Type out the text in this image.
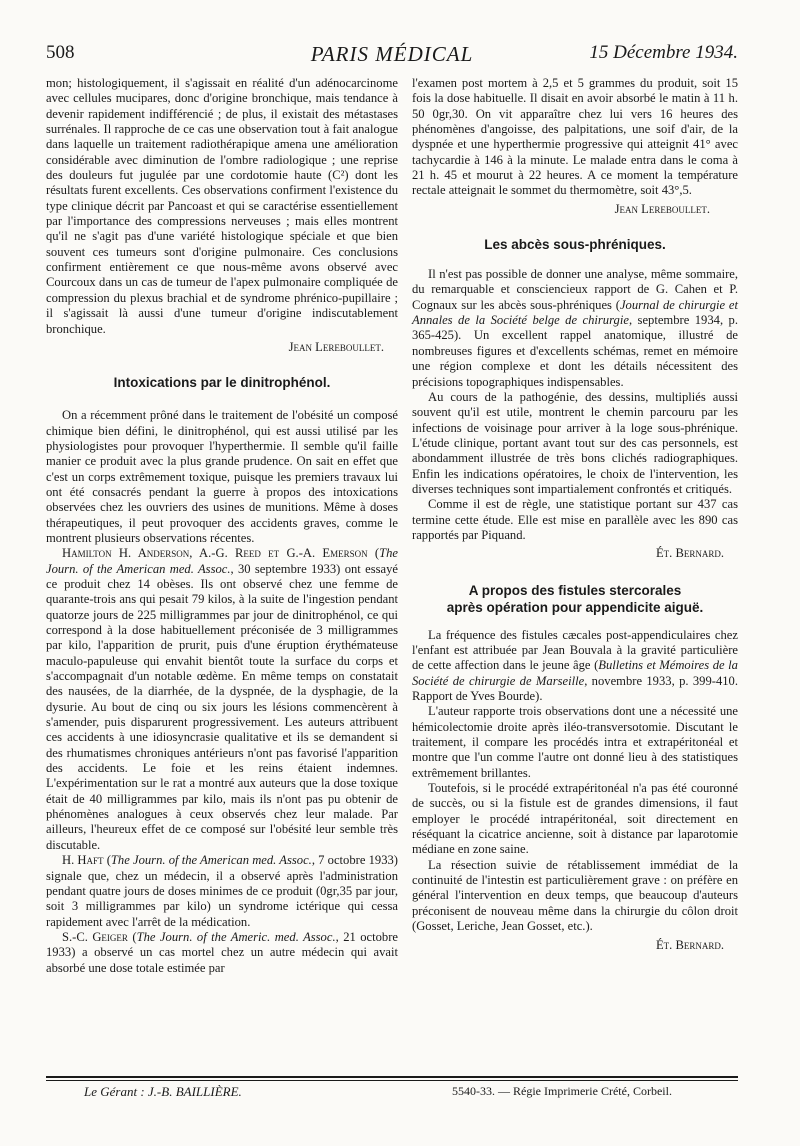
508	PARIS MÉDICAL	15 Décembre 1934.

mon; histologiquement, il s'agissait en réalité d'un adénocarcinome avec cellules mucipares, donc d'origine bronchique, mais tendance à devenir rapidement indifférencié ; de plus, il existait des métastases surrénales. Il rapproche de ce cas une observation tout à fait analogue dans laquelle un traitement radiothérapique amena une amélioration considérable avec diminution de l'ombre radiologique ; une reprise des douleurs fut jugulée par une cordotomie haute (C²) dont les résultats furent excellents. Ces observations confirment l'existence du type clinique décrit par Pancoast et qui se caractérise essentiellement par l'importance des compressions nerveuses ; mais elles montrent qu'il ne s'agit pas d'une variété histologique spéciale et que bien souvent ces tumeurs sont d'origine pulmonaire. Ces conclusions confirment entièrement ce que nous-même avons observé avec Courcoux dans un cas de tumeur de l'apex pulmonaire compliquée de compression du plexus brachial et de syndrome phrénico-pupillaire ; il s'agissait là aussi d'une tumeur d'origine indiscutablement bronchique.

Jean Lereboullet.
Intoxications par le dinitrophénol.

On a récemment prôné dans le traitement de l'obésité un composé chimique bien défini, le dinitrophénol, qui est aussi utilisé par les physiologistes pour provoquer l'hyperthermie. Il semble qu'il faille manier ce produit avec la plus grande prudence. On sait en effet que c'est un corps extrêmement toxique, puisque les premiers travaux lui ont été consacrés pendant la guerre à propos des intoxications observées chez les ouvriers des usines de munitions. Même à doses thérapeutiques, il peut provoquer des accidents graves, comme le montrent plusieurs observations récentes.

Hamilton H. Anderson, A.-G. Reed et G.-A. Emerson (The Journ. of the American med. Assoc., 30 septembre 1933) ont essayé ce produit chez 14 obèses. Ils ont observé chez une femme de quarante-trois ans qui pesait 79 kilos, à la suite de l'ingestion pendant quatorze jours de 225 milligrammes par jour de dinitrophénol, ce qui correspond à la dose habituellement préconisée de 3 milligrammes par kilo, l'apparition de prurit, puis d'une éruption érythémateuse maculo-papuleuse qui envahit bientôt toute la surface du corps et s'accompagnait d'un notable œdème. En même temps on constatait des nausées, de la diarrhée, de la dyspnée, de la dysphagie, de la dysurie. Au bout de cinq ou six jours les lésions commencèrent à s'amender, puis disparurent progressivement. Les auteurs attribuent ces accidents à une idiosyncrasie qualitative et ils se demandent si des rhumatismes chroniques antérieurs n'ont pas favorisé l'apparition des accidents. Le foie et les reins étaient indemnes. L'expérimentation sur le rat a montré aux auteurs que la dose toxique était de 40 milligrammes par kilo, mais ils n'ont pas pu obtenir de phénomènes analogues à ceux observés chez leur malade. Par ailleurs, l'heureux effet de ce composé sur l'obésité leur semble très discutable.

H. Haft (The Journ. of the American med. Assoc., 7 octobre 1933) signale que, chez un médecin, il a observé après l'administration pendant quatre jours de doses minimes de ce produit (0gr,35 par jour, soit 3 milligrammes par kilo) un syndrome ictérique qui cessa rapidement avec l'arrêt de la médication.

S.-C. Geiger (The Journ. of the Americ. med. Assoc., 21 octobre 1933) a observé un cas mortel chez un autre médecin qui avait absorbé une dose totale estimée par

l'examen post mortem à 2,5 et 5 grammes du produit, soit 15 fois la dose habituelle. Il disait en avoir absorbé le matin à 11 h. 50 0gr,30. On vit apparaître chez lui vers 16 heures des phénomènes d'angoisse, des palpitations, une soif d'air, de la dyspnée et une hyperthermie progressive qui atteignit 41° avec tachycardie à 146 à la minute. Le malade entra dans le coma à 21 h. 45 et mourut à 22 heures. A ce moment la température rectale atteignait le sommet du thermomètre, soit 43°,5.

Jean Lereboullet.
Les abcès sous-phréniques.

Il n'est pas possible de donner une analyse, même sommaire, du remarquable et consciencieux rapport de G. Cahen et P. Cognaux sur les abcès sous-phréniques (Journal de chirurgie et Annales de la Société belge de chirurgie, septembre 1934, p. 365-425). Un excellent rappel anatomique, illustré de nombreuses figures et d'excellents schémas, remet en mémoire une région complexe et dont les détails nécessitent des précisions topographiques indispensables.

Au cours de la pathogénie, des dessins, multipliés aussi souvent qu'il est utile, montrent le chemin parcouru par les infections de voisinage pour arriver à la loge sous-phrénique. L'étude clinique, portant avant tout sur des cas personnels, est abondamment illustrée de très bons clichés radiographiques. Enfin les indications opératoires, le choix de l'intervention, les diverses techniques sont impartialement confrontés et critiqués.

Comme il est de règle, une statistique portant sur 437 cas termine cette étude. Elle est mise en parallèle avec les 890 cas rapportés par Piquand.

Ét. Bernard.
A propos des fistules stercorales
après opération pour appendicite aiguë.

La fréquence des fistules cæcales post-appendiculaires chez l'enfant est attribuée par Jean Bouvala à la gravité particulière de cette affection dans le jeune âge (Bulletins et Mémoires de la Société de chirurgie de Marseille, novembre 1933, p. 399-410. Rapport de Yves Bourde).

L'auteur rapporte trois observations dont une a nécessité une hémicolectomie droite après iléo-transversotomie. Discutant le traitement, il compare les procédés intra et extrapéritonéal et montre que l'un comme l'autre ont donné lieu à des statistiques extrêmement brillantes.

Toutefois, si le procédé extrapéritonéal n'a pas été couronné de succès, ou si la fistule est de grandes dimensions, il faut employer le procédé intrapéritonéal, soit directement en réséquant la cicatrice ancienne, soit à distance par laparotomie médiane en zone saine.

La résection suivie de rétablissement immédiat de la continuité de l'intestin est particulièrement grave : on préfère en général l'intervention en deux temps, que beaucoup d'auteurs préconisent de nouveau même dans la chirurgie du côlon droit (Gosset, Leriche, Jean Gosset, etc.).

Ét. Bernard.
Le Gérant : J.-B. BAILLIÈRE.	5540-33. — Régie Imprimerie Crété, Corbeil.
